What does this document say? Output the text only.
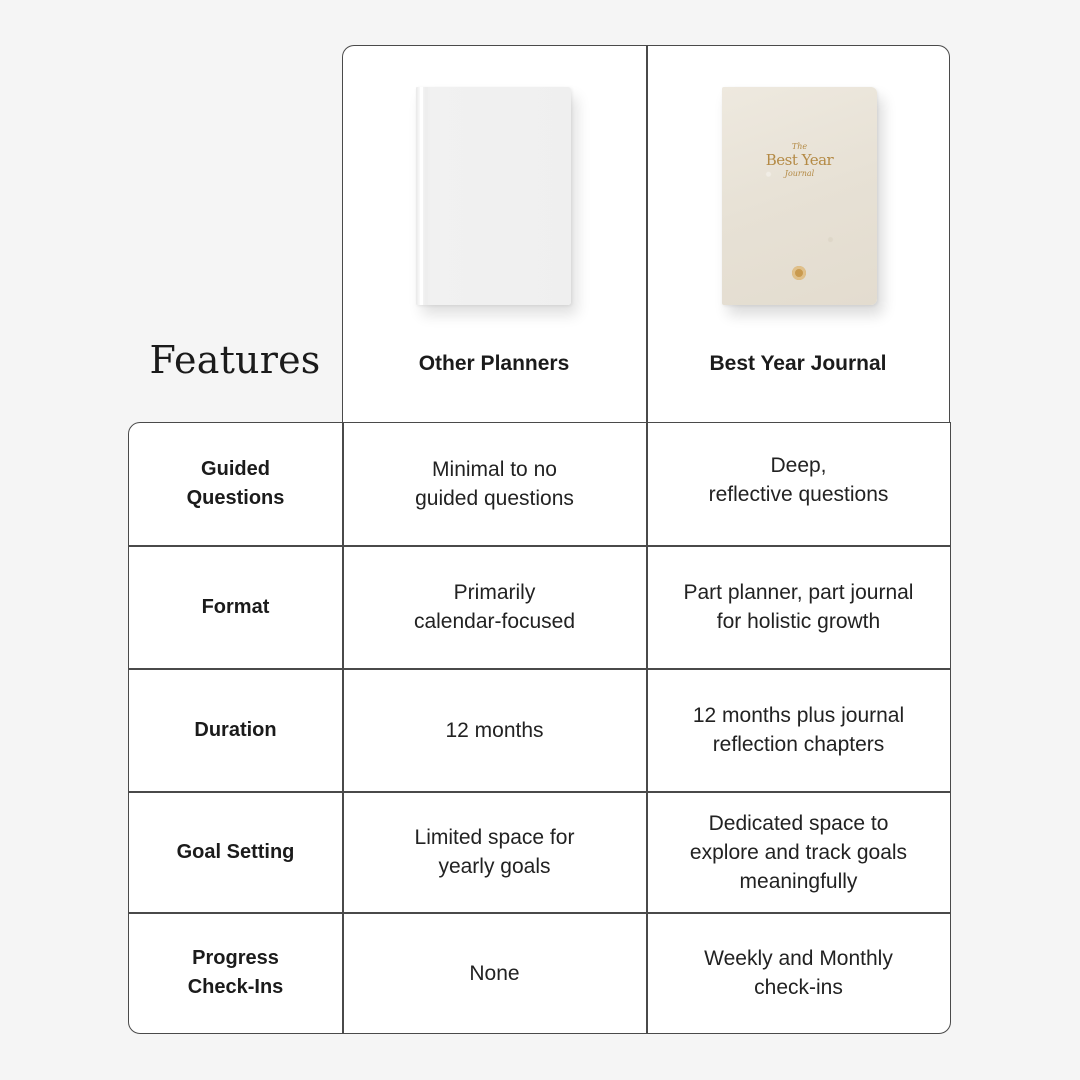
Features
The
Best Year
Journal
Other Planners	Best Year Journal
Guided
Questions
Minimal to no
guided questions
Deep,
reflective questions
Format
Primarily
calendar-focused
Part planner, part journal
for holistic growth
Duration	12 months
12 months plus journal
reflection chapters
Goal Setting
Limited space for
yearly goals
Dedicated space to
explore and track goals
meaningfully
Progress
Check-Ins
None
Weekly and Monthly
check-ins
